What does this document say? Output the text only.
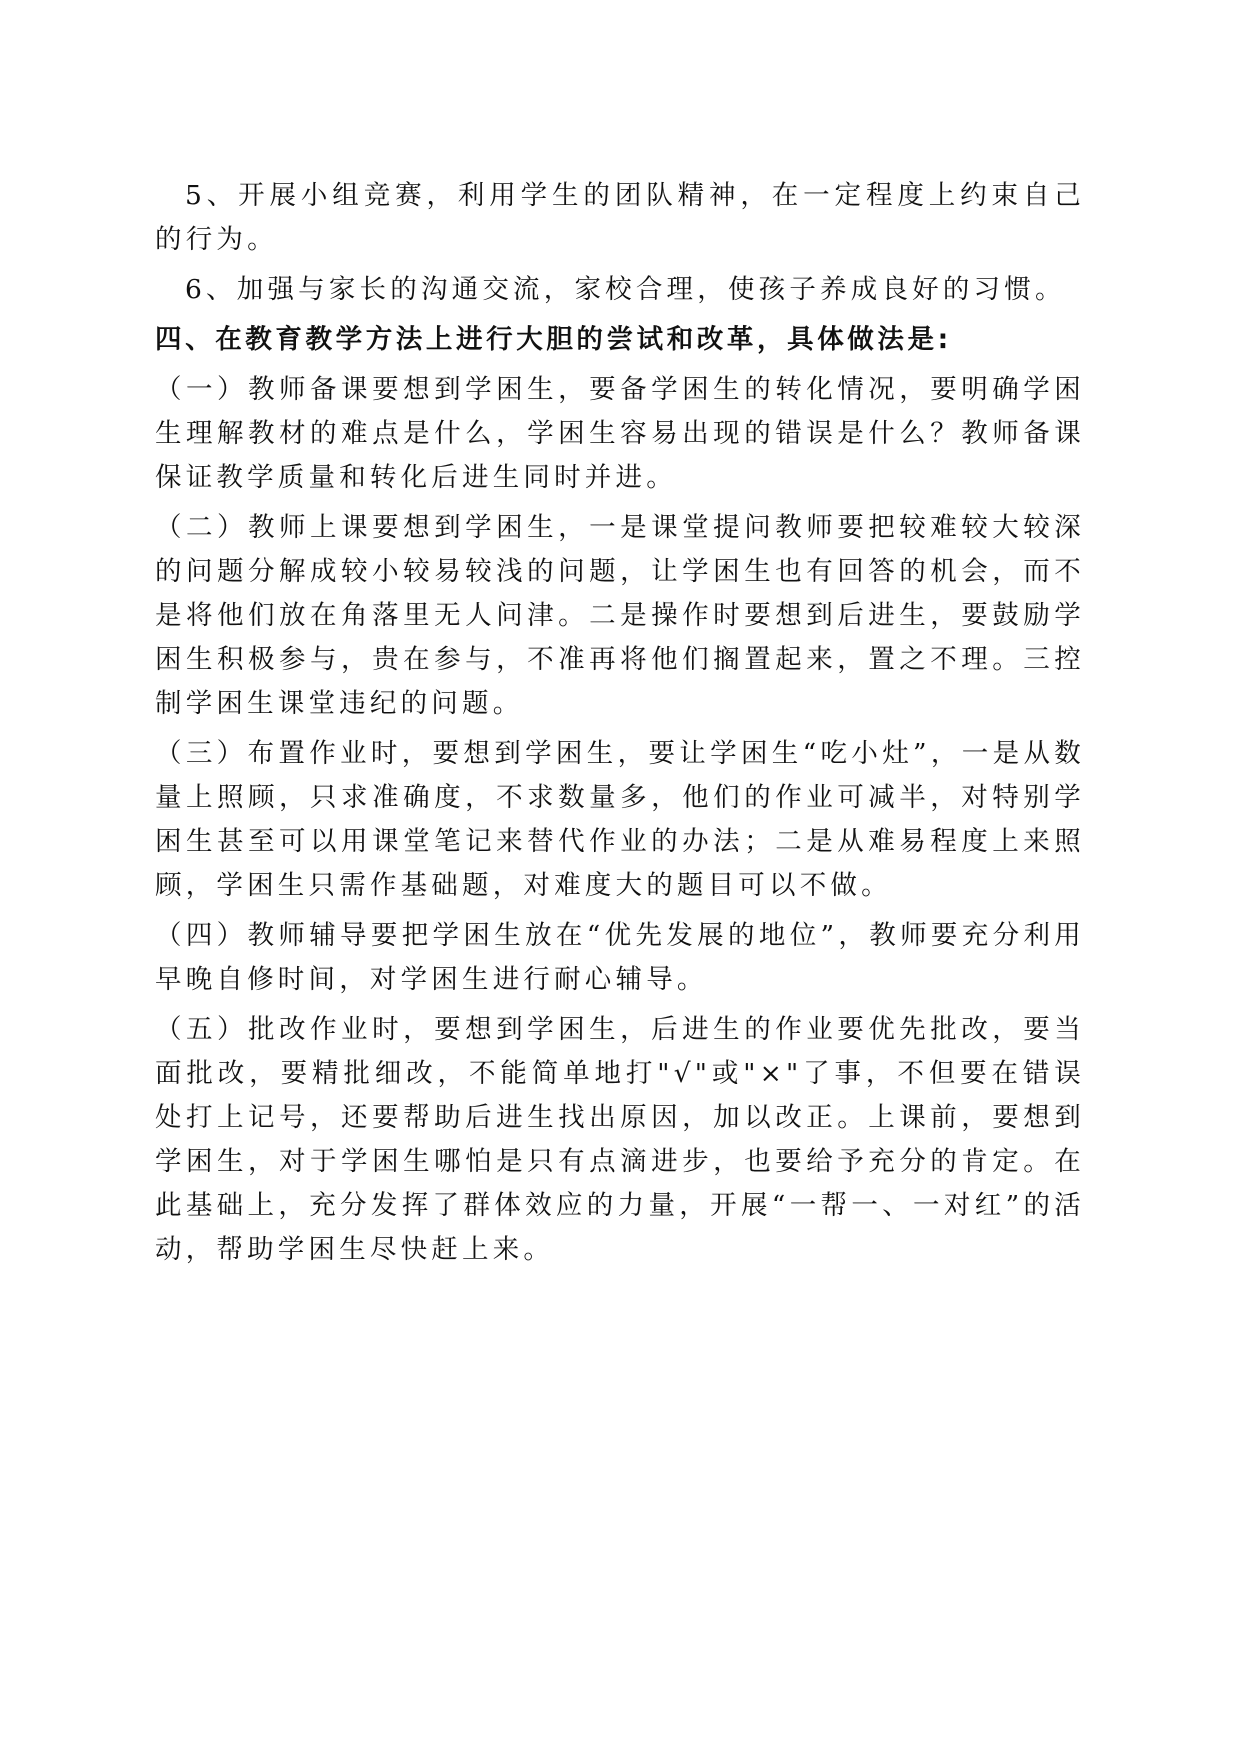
5、开展小组竞赛，利用学生的团队精神，在一定程度上约束自己的行为。

6、加强与家长的沟通交流，家校合理，使孩子养成良好的习惯。

四、在教育教学方法上进行大胆的尝试和改革，具体做法是:

（一）教师备课要想到学困生，要备学困生的转化情况，要明确学困生理解教材的难点是什么，学困生容易出现的错误是什么？教师备课保证教学质量和转化后进生同时并进。

（二）教师上课要想到学困生，一是课堂提问教师要把较难较大较深的问题分解成较小较易较浅的问题，让学困生也有回答的机会，而不是将他们放在角落里无人问津。二是操作时要想到后进生，要鼓励学困生积极参与，贵在参与，不准再将他们搁置起来，置之不理。三控制学困生课堂违纪的问题。

（三）布置作业时，要想到学困生，要让学困生“吃小灶”，一是从数量上照顾，只求准确度，不求数量多，他们的作业可减半，对特别学困生甚至可以用课堂笔记来替代作业的办法；二是从难易程度上来照顾，学困生只需作基础题，对难度大的题目可以不做。

（四）教师辅导要把学困生放在“优先发展的地位”，教师要充分利用早晚自修时间，对学困生进行耐心辅导。

（五）批改作业时，要想到学困生，后进生的作业要优先批改，要当面批改，要精批细改，不能简单地打"√"或"×"了事，不但要在错误处打上记号，还要帮助后进生找出原因，加以改正。上课前，要想到学困生，对于学困生哪怕是只有点滴进步，也要给予充分的肯定。在此基础上，充分发挥了群体效应的力量，开展“一帮一、一对红”的活动，帮助学困生尽快赶上来。
